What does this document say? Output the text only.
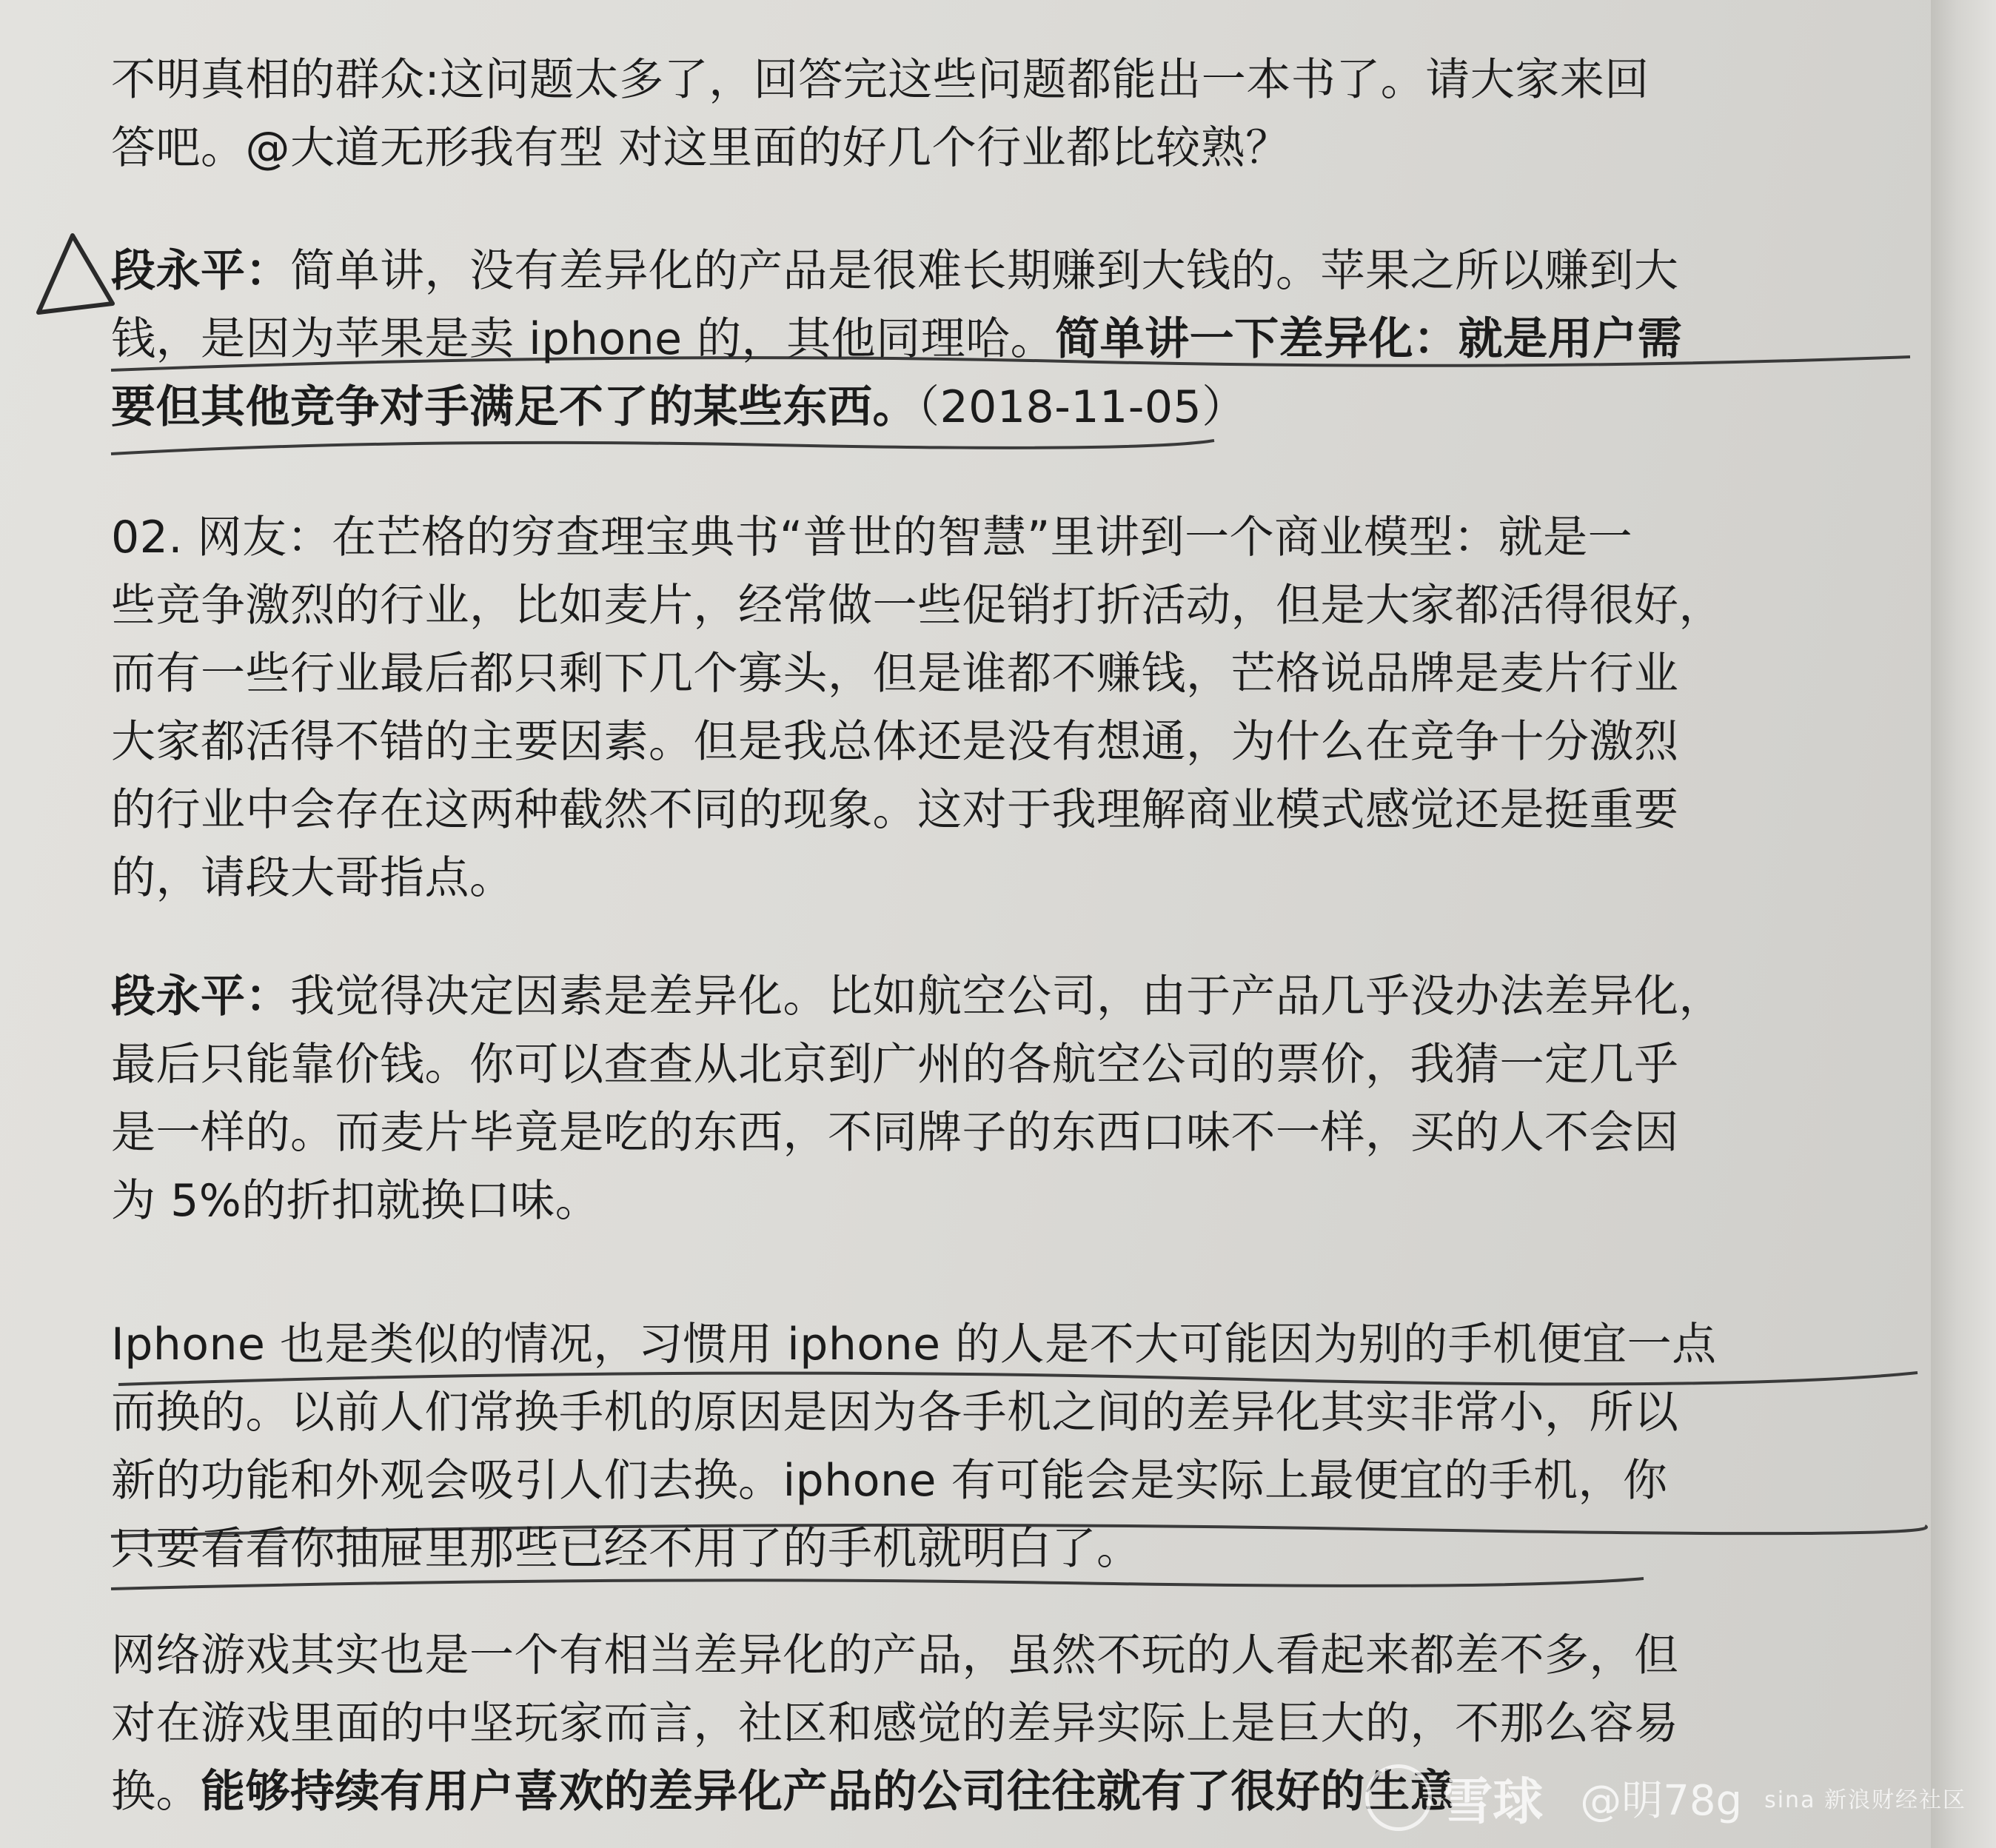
不明真相的群众:这问题太多了，回答完这些问题都能出一本书了。请大家来回
答吧。@大道无形我有型 对这里面的好几个行业都比较熟？
段永平：简单讲，没有差异化的产品是很难长期赚到大钱的。苹果之所以赚到大
钱，是因为苹果是卖 iphone 的，其他同理哈。简单讲一下差异化：就是用户需
要但其他竞争对手满足不了的某些东西。（2018-11-05）
02. 网友：在芒格的穷查理宝典书“普世的智慧”里讲到一个商业模型：就是一
些竞争激烈的行业，比如麦片，经常做一些促销打折活动，但是大家都活得很好，
而有一些行业最后都只剩下几个寡头，但是谁都不赚钱，芒格说品牌是麦片行业
大家都活得不错的主要因素。但是我总体还是没有想通，为什么在竞争十分激烈
的行业中会存在这两种截然不同的现象。这对于我理解商业模式感觉还是挺重要
的，请段大哥指点。
段永平：我觉得决定因素是差异化。比如航空公司，由于产品几乎没办法差异化，
最后只能靠价钱。你可以查查从北京到广州的各航空公司的票价，我猜一定几乎
是一样的。而麦片毕竟是吃的东西，不同牌子的东西口味不一样，买的人不会因
为 5%的折扣就换口味。
Iphone 也是类似的情况，习惯用 iphone 的人是不大可能因为别的手机便宜一点
而换的。以前人们常换手机的原因是因为各手机之间的差异化其实非常小，所以
新的功能和外观会吸引人们去换。iphone 有可能会是实际上最便宜的手机，你
只要看看你抽屉里那些已经不用了的手机就明白了。
网络游戏其实也是一个有相当差异化的产品，虽然不玩的人看起来都差不多，但
对在游戏里面的中坚玩家而言，社区和感觉的差异实际上是巨大的，不那么容易
换。能够持续有用户喜欢的差异化产品的公司往往就有了很好的生意
雪球 @明78g sina 新浪财经社区
